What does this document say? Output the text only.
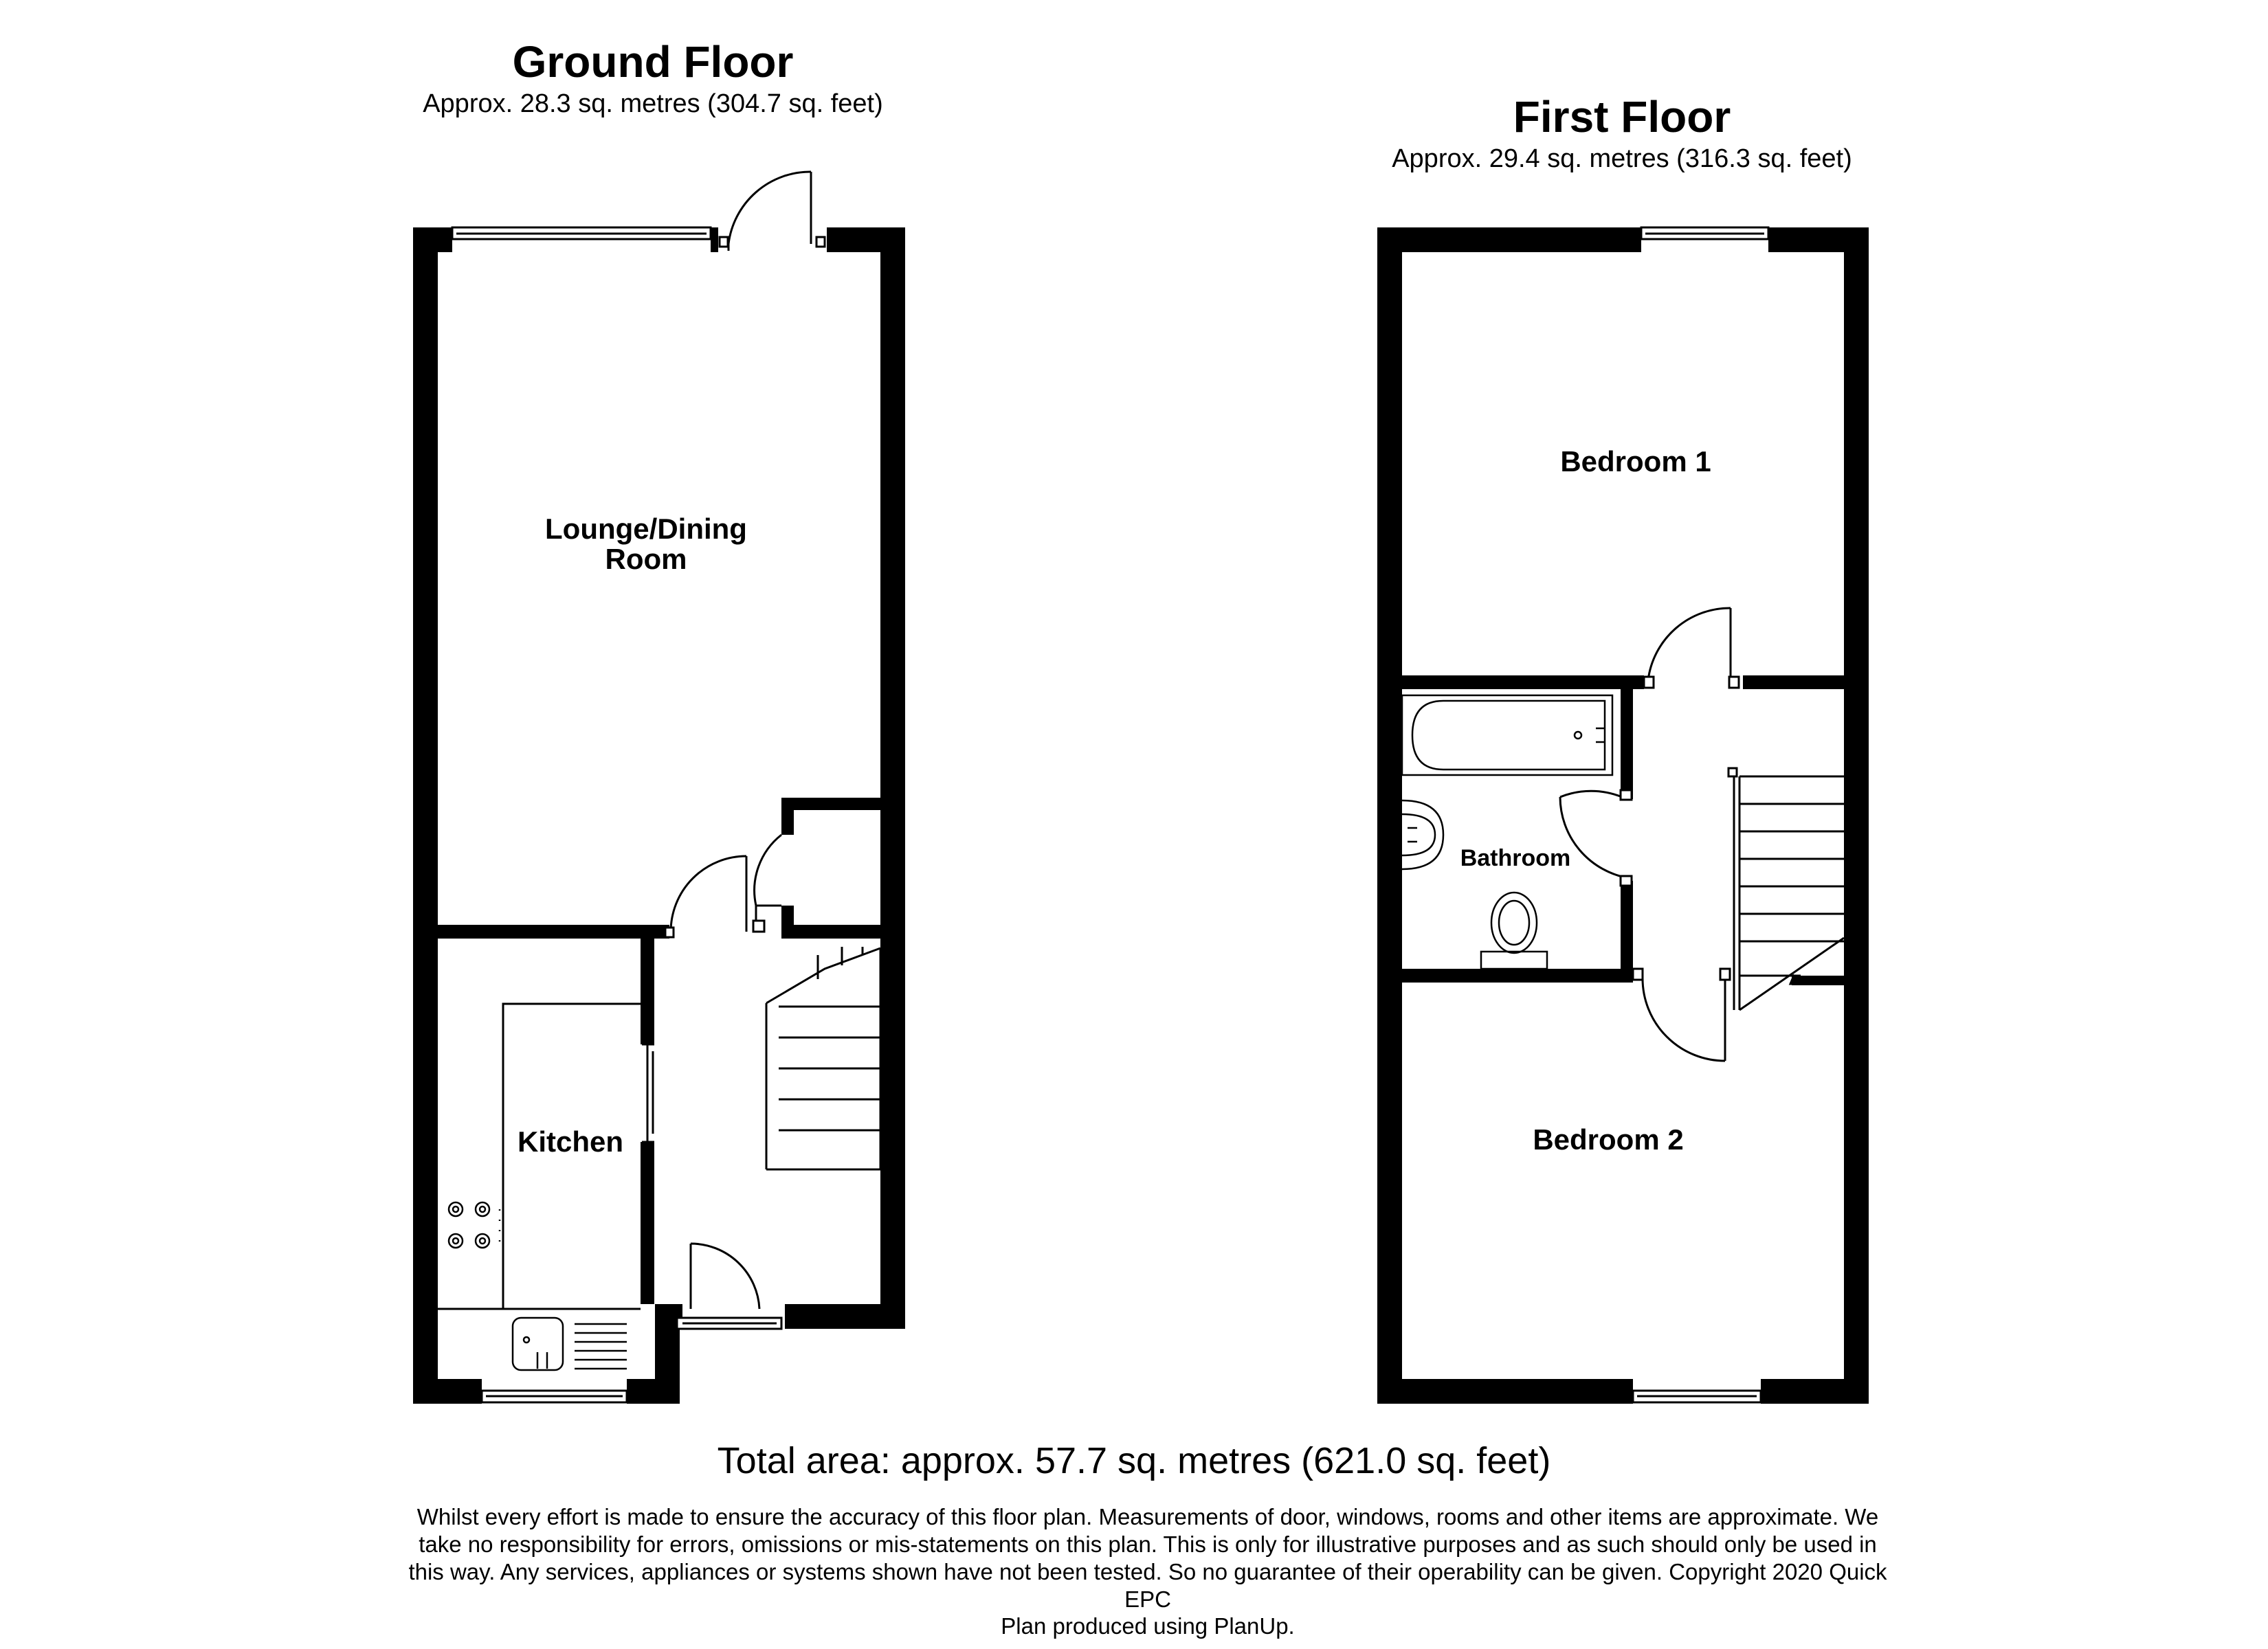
Ground Floor
Approx. 28.3 sq. metres (304.7 sq. feet)	First Floor
Approx. 29.4 sq. metres (316.3 sq. feet)
Lounge/Dining
Room
Kitchen
Bedroom 1
Bedroom 2
Bathroom
Total area: approx. 57.7 sq. metres (621.0 sq. feet)
Whilst every effort is made to ensure the accuracy of this floor plan. Measurements of door, windows, rooms and other items are approximate. We take no responsibility for errors, omissions or mis-statements on this plan. This is only for illustrative purposes and as such should only be used in this way. Any services, appliances or systems shown have not been tested. So no guarantee of their operability can be given. Copyright 2020 Quick EPC
Plan produced using PlanUp.
